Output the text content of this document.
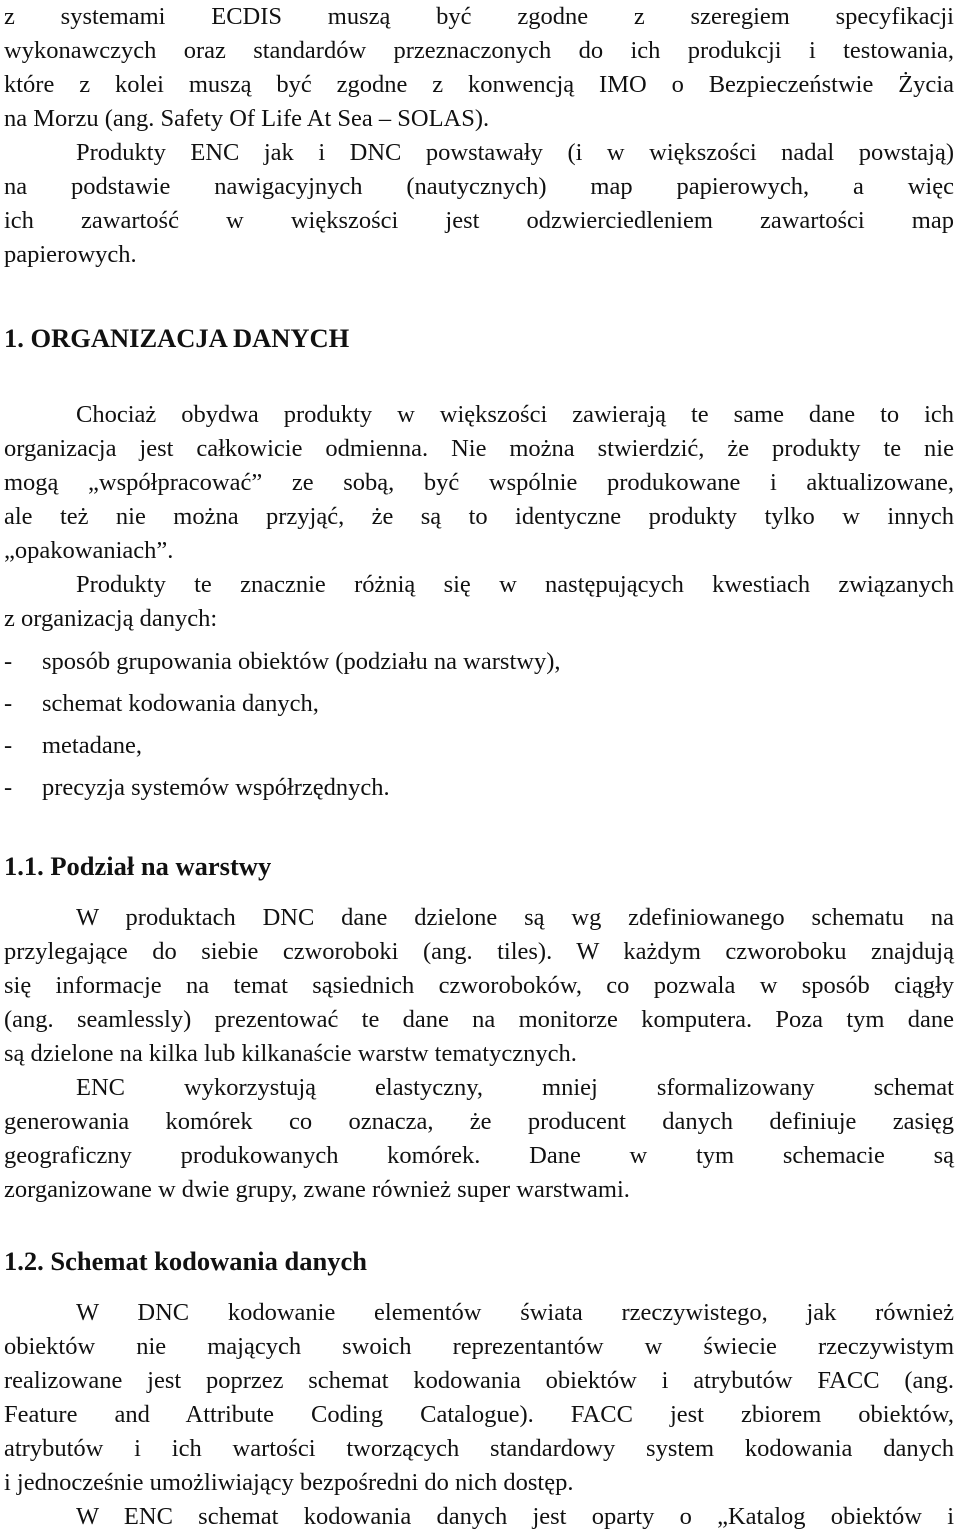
z systemami ECDIS muszą być zgodne z szeregiem specyfikacji
wykonawczych oraz standardów przeznaczonych do ich produkcji i testowania,
które z kolei muszą być zgodne z konwencją IMO o Bezpieczeństwie Życia
na Morzu (ang. Safety Of Life At Sea – SOLAS).
Produkty ENC jak i DNC powstawały (i w większości nadal powstają)
na podstawie nawigacyjnych (nautycznych) map papierowych, a więc
ich zawartość w większości jest odzwierciedleniem zawartości map
papierowych.
1. ORGANIZACJA DANYCH
Chociaż obydwa produkty w większości zawierają te same dane to ich
organizacja jest całkowicie odmienna. Nie można stwierdzić, że produkty te nie
mogą „współpracować” ze sobą, być wspólnie produkowane i aktualizowane,
ale też nie można przyjąć, że są to identyczne produkty tylko w innych
„opakowaniach”.
Produkty te znacznie różnią się w następujących kwestiach związanych
z organizacją danych:
- sposób grupowania obiektów (podziału na warstwy),
- schemat kodowania danych,
- metadane,
- precyzja systemów współrzędnych.
1.1. Podział na warstwy
W produktach DNC dane dzielone są wg zdefiniowanego schematu na
przylegające do siebie czworoboki (ang. tiles). W każdym czworoboku znajdują
się informacje na temat sąsiednich czworoboków, co pozwala w sposób ciągły
(ang. seamlessly) prezentować te dane na monitorze komputera. Poza tym dane
są dzielone na kilka lub kilkanaście warstw tematycznych.
ENC wykorzystują elastyczny, mniej sformalizowany schemat
generowania komórek co oznacza, że producent danych definiuje zasięg
geograficzny produkowanych komórek. Dane w tym schemacie są
zorganizowane w dwie grupy, zwane również super warstwami.
1.2. Schemat kodowania danych
W DNC kodowanie elementów świata rzeczywistego, jak również
obiektów nie mających swoich reprezentantów w świecie rzeczywistym
realizowane jest poprzez schemat kodowania obiektów i atrybutów FACC (ang.
Feature and Attribute Coding Catalogue). FACC jest zbiorem obiektów,
atrybutów i ich wartości tworzących standardowy system kodowania danych
i jednocześnie umożliwiający bezpośredni do nich dostęp.
W ENC schemat kodowania danych jest oparty o „Katalog obiektów i
